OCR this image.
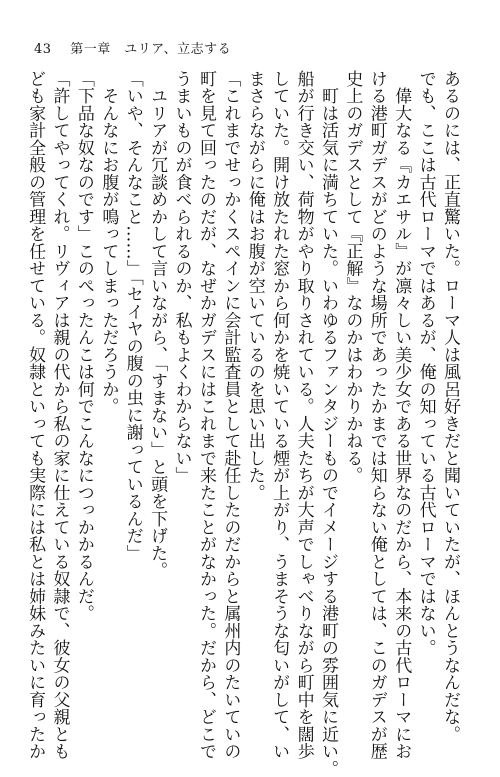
43 第一章　ユリア、立志する
あるのには、正直驚いた。ローマ人は風呂好きだと聞いていたが、ほんとうなんだな。
でも、ここは古代ローマではあるが、俺の知っている古代ローマではない。
　偉大なる『カエサル』が凛々しい美少女である世界なのだから、本来の古代ローマにお
ける港町ガデスがどのような場所であったかまでは知らない俺としては、このガデスが歴
史上のガデスとして『正解』なのかはわかりかねる。
　町は活気に満ちていた。いわゆるファンタジーものでイメージする港町の雰囲気に近い。
船が行き交い、荷物がやり取りされている。人夫たちが大声でしゃべりながら町中を闊歩
していた。開け放たれた窓から何かを焼いている煙が上がり、うまそうな匂いがして、い
まさらながらに俺はお腹が空いているのを思い出した。
「これまでせっかくスペインに会計監査員として赴任したのだからと属州内のたいていの
町を見て回ったのだが、なぜかガデスにはこれまで来たことがなかった。だから、どこで
うまいものが食べられるのか、私もよくわからない」
　ユリアが冗談めかして言いながら、「すまない」と頭を下げた。
「いや、そんなこと……」「セイヤの腹の虫に謝っているんだ」
　そんなにお腹が鳴ってしまっただろうか。
「下品な奴なのです」このぺったんこは何でこんなにつっかかるんだ。
「許してやってくれ。リヴィアは親の代から私の家に仕えている奴隷で、彼女の父親とも
ども家計全般の管理を任せている。奴隷といっても実際には私とは姉妹みたいに育ったか
